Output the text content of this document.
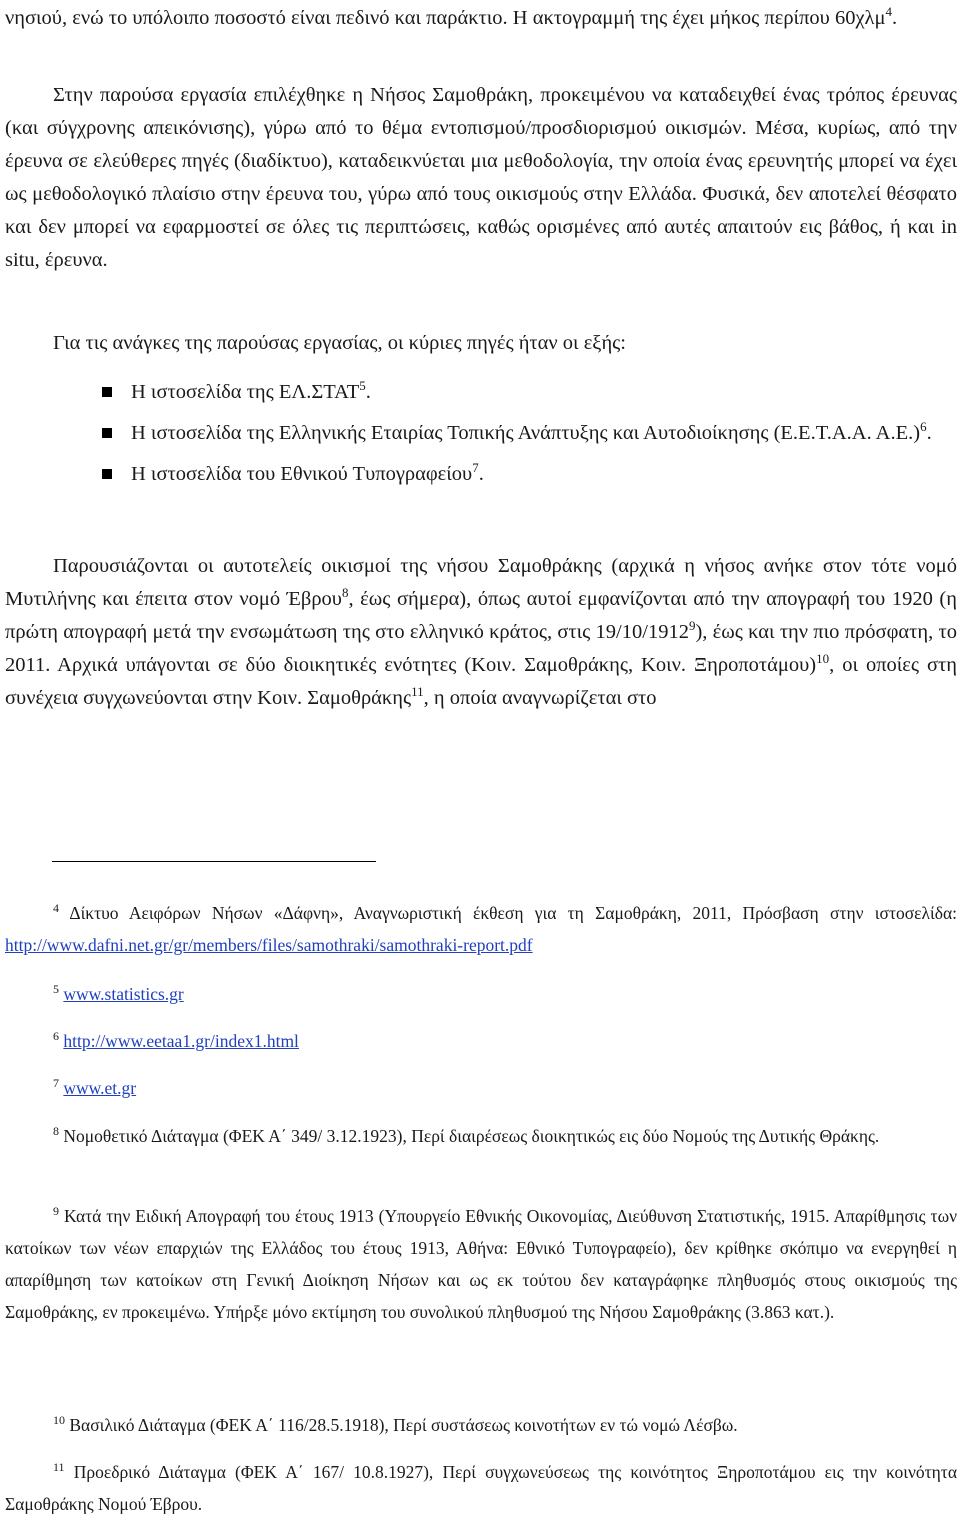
νησιού, ενώ το υπόλοιπο ποσοστό είναι πεδινό και παράκτιο. Η ακτογραμμή της έχει μήκος περίπου 60χλμ$^4$.

Στην παρούσα εργασία επιλέχθηκε η Νήσος Σαμοθράκη, προκειμένου να καταδειχθεί ένας τρόπος έρευνας (και σύγχρονης απεικόνισης), γύρω από το θέμα εντοπισμού/προσδιορισμού οικισμών. Μέσα, κυρίως, από την έρευνα σε ελεύθερες πηγές (διαδίκτυο), καταδεικνύεται μια μεθοδολογία, την οποία ένας ερευνητής μπορεί να έχει ως μεθοδολογικό πλαίσιο στην έρευνα του, γύρω από τους οικισμούς στην Ελλάδα. Φυσικά, δεν αποτελεί θέσφατο και δεν μπορεί να εφαρμοστεί σε όλες τις περιπτώσεις, καθώς ορισμένες από αυτές απαιτούν εις βάθος, ή και in situ, έρευνα.

Για τις ανάγκες της παρούσας εργασίας, οι κύριες πηγές ήταν οι εξής:

Η ιστοσελίδα της ΕΛ.ΣΤΑΤ$^5$.
Η ιστοσελίδα της Ελληνικής Εταιρίας Τοπικής Ανάπτυξης και Αυτοδιοίκησης (Ε.Ε.Τ.Α.Α. Α.Ε.)$^6$.
Η ιστοσελίδα του Εθνικού Τυπογραφείου$^7$.

Παρουσιάζονται οι αυτοτελείς οικισμοί της νήσου Σαμοθράκης (αρχικά η νήσος ανήκε στον τότε νομό Μυτιλήνης και έπειτα στον νομό Έβρου$^8$, έως σήμερα), όπως αυτοί εμφανίζονται από την απογραφή του 1920 (η πρώτη απογραφή μετά την ενσωμάτωση της στο ελληνικό κράτος, στις 19/10/1912$^9$), έως και την πιο πρόσφατη, το 2011. Αρχικά υπάγονται σε δύο διοικητικές ενότητες (Κοιν. Σαμοθράκης, Κοιν. Ξηροποτάμου)$^{10}$, οι οποίες στη συνέχεια συγχωνεύονται στην Κοιν. Σαμοθράκης$^{11}$, η οποία αναγνωρίζεται στο

$^4$ Δίκτυο Αειφόρων Νήσων «Δάφνη», Αναγνωριστική έκθεση για τη Σαμοθράκη, 2011, Πρόσβαση στην ιστοσελίδα: http://www.dafni.net.gr/gr/members/files/samothraki/samothraki-report.pdf

$^5$ www.statistics.gr

$^6$ http://www.eetaa1.gr/index1.html

$^7$ www.et.gr

$^8$ Νομοθετικό Διάταγμα (ΦΕΚ Α΄ 349/ 3.12.1923), Περί διαιρέσεως διοικητικώς εις δύο Νομούς της Δυτικής Θράκης.

$^9$ Κατά την Ειδική Απογραφή του έτους 1913 (Υπουργείο Εθνικής Οικονομίας, Διεύθυνση Στατιστικής, 1915. Απαρίθμησις των κατοίκων των νέων επαρχιών της Ελλάδος του έτους 1913, Αθήνα: Εθνικό Τυπογραφείο), δεν κρίθηκε σκόπιμο να ενεργηθεί η απαρίθμηση των κατοίκων στη Γενική Διοίκηση Νήσων και ως εκ τούτου δεν καταγράφηκε πληθυσμός στους οικισμούς της Σαμοθράκης, εν προκειμένω. Υπήρξε μόνο εκτίμηση του συνολικού πληθυσμού της Νήσου Σαμοθράκης (3.863 κατ.).

$^{10}$ Βασιλικό Διάταγμα (ΦΕΚ Α΄ 116/28.5.1918), Περί συστάσεως κοινοτήτων εν τώ νομώ Λέσβω.

$^{11}$ Προεδρικό Διάταγμα (ΦΕΚ Α΄ 167/ 10.8.1927), Περί συγχωνεύσεως της κοινότητος Ξηροποτάμου εις την κοινότητα Σαμοθράκης Νομού Έβρου.
